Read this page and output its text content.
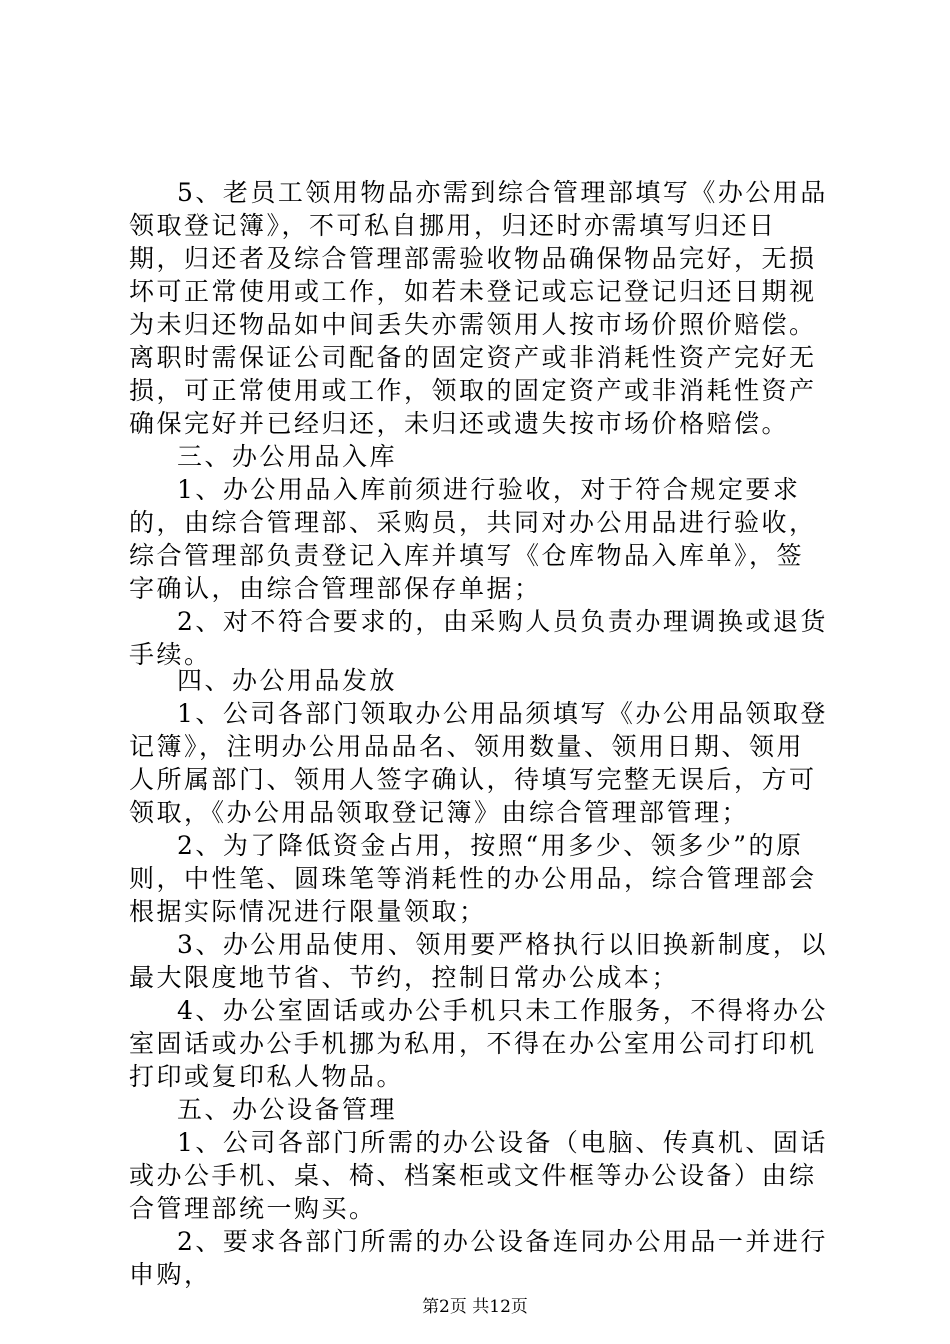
5、老员工领用物品亦需到综合管理部填写《办公用品领取登记簿》，不可私自挪用，归还时亦需填写归还日期，归还者及综合管理部需验收物品确保物品完好，无损坏可正常使用或工作，如若未登记或忘记登记归还日期视为未归还物品如中间丢失亦需领用人按市场价照价赔偿。离职时需保证公司配备的固定资产或非消耗性资产完好无损，可正常使用或工作，领取的固定资产或非消耗性资产确保完好并已经归还，未归还或遗失按市场价格赔偿。
三、办公用品入库
1、办公用品入库前须进行验收，对于符合规定要求的，由综合管理部、采购员，共同对办公用品进行验收，综合管理部负责登记入库并填写《仓库物品入库单》，签字确认，由综合管理部保存单据；
2、对不符合要求的，由采购人员负责办理调换或退货手续。
四、办公用品发放
1、公司各部门领取办公用品须填写《办公用品领取登记簿》，注明办公用品品名、领用数量、领用日期、领用人所属部门、领用人签字确认，待填写完整无误后，方可领取，《办公用品领取登记簿》由综合管理部管理；
2、为了降低资金占用，按照“用多少、领多少”的原则，中性笔、圆珠笔等消耗性的办公用品，综合管理部会根据实际情况进行限量领取；
3、办公用品使用、领用要严格执行以旧换新制度，以最大限度地节省、节约，控制日常办公成本；
4、办公室固话或办公手机只未工作服务，不得将办公室固话或办公手机挪为私用，不得在办公室用公司打印机打印或复印私人物品。
五、办公设备管理
1、公司各部门所需的办公设备（电脑、传真机、固话或办公手机、桌、椅、档案柜或文件框等办公设备）由综合管理部统一购买。
2、要求各部门所需的办公设备连同办公用品一并进行申购，
第2页 共12页
